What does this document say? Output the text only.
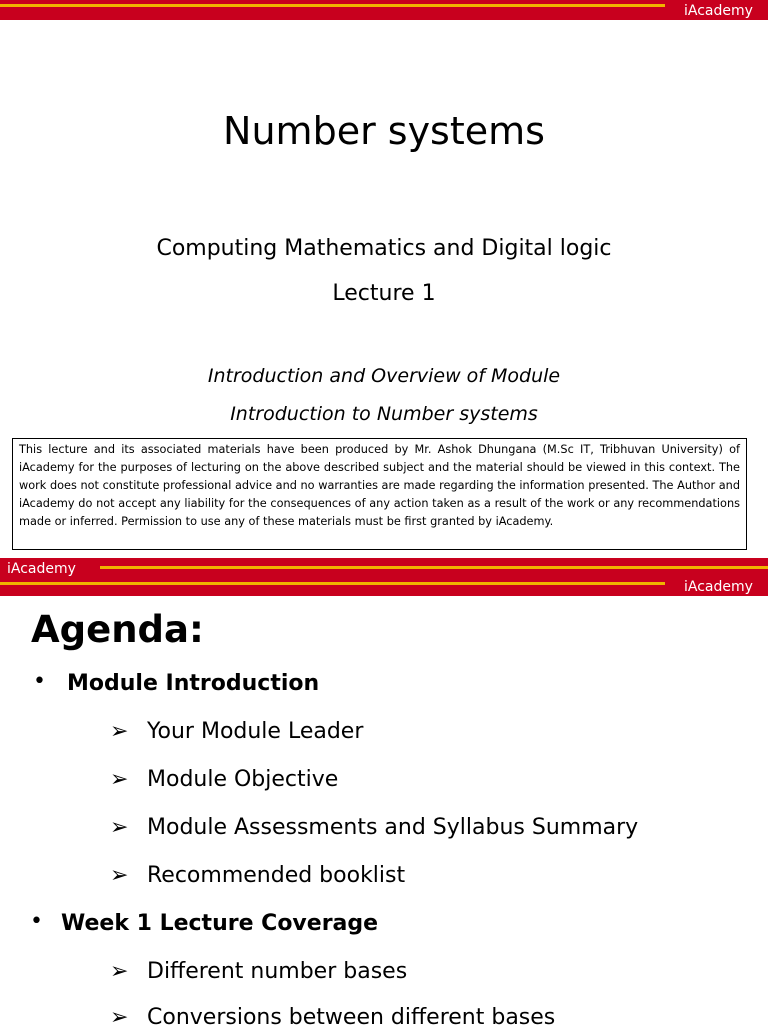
iAcademy
Number systems
Computing Mathematics and Digital logic
Lecture 1
Introduction and Overview of Module
Introduction to Number systems
This lecture and its associated materials have been produced by Mr. Ashok Dhungana (M.Sc IT, Tribhuvan University) of iAcademy for the purposes of lecturing on the above described subject and the material should be viewed in this context. The work does not constitute professional advice and no warranties are made regarding the information presented. The Author and iAcademy do not accept any liability for the consequences of any action taken as a result of the work or any recommendations made or inferred. Permission to use any of these materials must be first granted by iAcademy.
iAcademy
iAcademy
Agenda:
• Module Introduction
➢ Your Module Leader
➢ Module Objective
➢ Module Assessments and Syllabus Summary
➢ Recommended booklist
• Week 1 Lecture Coverage
➢ Different number bases
➢ Conversions between different bases
